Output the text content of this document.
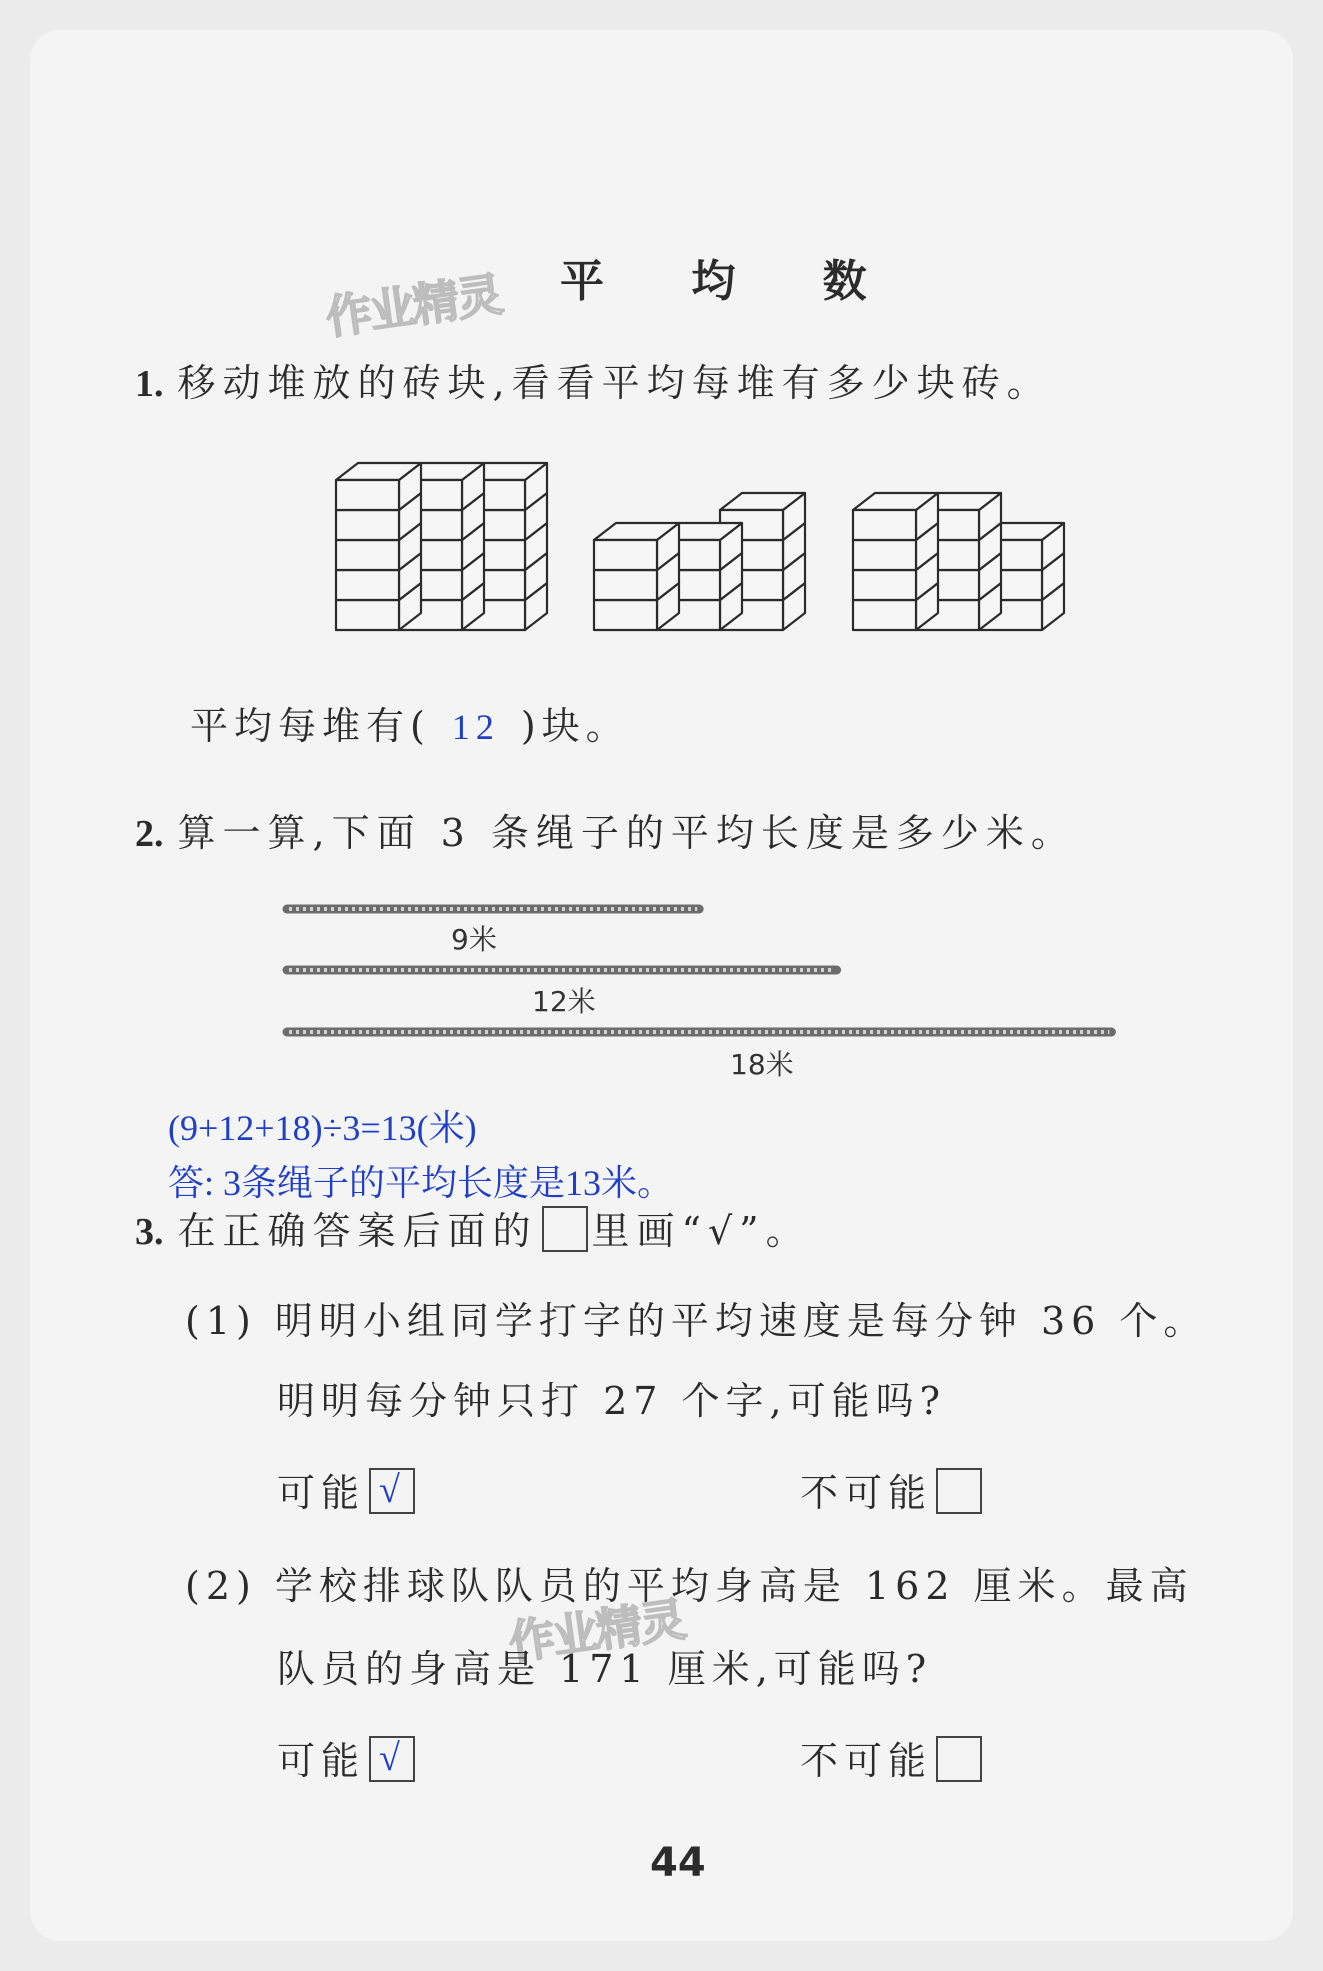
作业精灵
作业精灵
平 均 数
1. 移动堆放的砖块,看看平均每堆有多少块砖。
平均每堆有( 12 )块。
2. 算一算,下面 3 条绳子的平均长度是多少米。
9米
12米
18米
(9+12+18)÷3=13(米)
答: 3条绳子的平均长度是13米。
3. 在正确答案后面的 里画“√”。
(1) 明明小组同学打字的平均速度是每分钟 36 个。
明明每分钟只打 27 个字,可能吗?
可能 √	不可能
(2) 学校排球队队员的平均身高是 162 厘米。最高
队员的身高是 171 厘米,可能吗?
可能 √	不可能
44
